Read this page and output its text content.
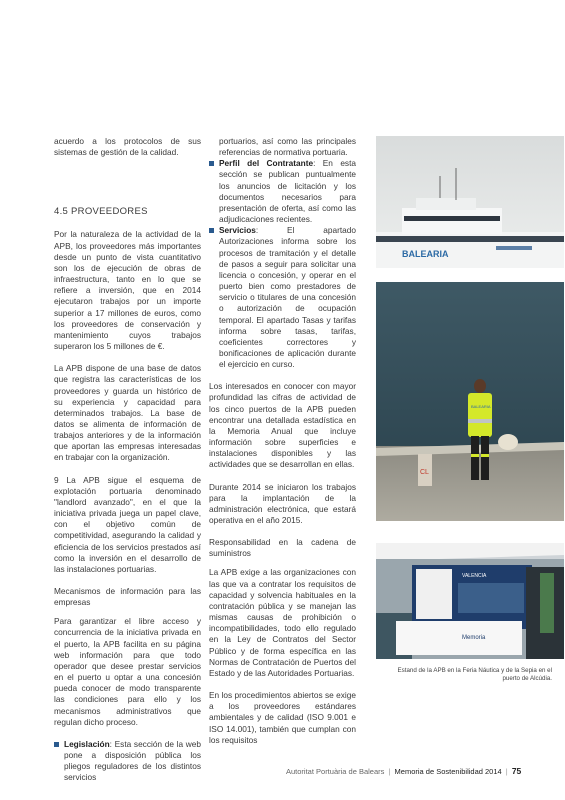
acuerdo a los protocolos de sus sistemas de gestión de la calidad.

4.5 PROVEEDORES

Por la naturaleza de la actividad de la APB, los proveedores más importantes desde un punto de vista cuantitativo son los de ejecución de obras de infraestructura, tanto en lo que se refiere a inversión, que en 2014 ejecutaron trabajos por un importe superior a 17 millones de euros, como los proveedores de conservación y mantenimiento cuyos trabajos superaron los 5 millones de €.

La APB dispone de una base de datos que registra las características de los proveedores y guarda un histórico de su experiencia y capacidad para determinados trabajos. La base de datos se alimenta de información de trabajos anteriores y de la información que aportan las empresas interesadas en trabajar con la organización.

9 La APB sigue el esquema de explotación portuaria denominado "landlord avanzado", en el que la iniciativa privada juega un papel clave, con el objetivo común de competitividad, asegurando la calidad y eficiencia de los servicios prestados así como la inversión en el desarrollo de las instalaciones portuarias.

Mecanismos de información para las empresas

Para garantizar el libre acceso y concurrencia de la iniciativa privada en el puerto, la APB facilita en su página web información para que todo operador que desee prestar servicios en el puerto u optar a una concesión pueda conocer de modo transparente las condiciones para ello y los mecanismos administrativos que regulan dicho proceso.

Legislación: Esta sección de la web pone a disposición pública los pliegos reguladores de los distintos servicios

portuarios, así como las principales referencias de normativa portuaria.

Perfil del Contratante: En esta sección se publican puntualmente los anuncios de licitación y los documentos necesarios para presentación de oferta, así como las adjudicaciones recientes.

Servicios: El apartado Autorizaciones informa sobre los procesos de tramitación y el detalle de pasos a seguir para solicitar una licencia o concesión, y operar en el puerto bien como prestadores de servicio o titulares de una concesión o autorización de ocupación temporal. El apartado Tasas y tarifas informa sobre tasas, tarifas, coeficientes correctores y bonificaciones de aplicación durante el ejercicio en curso.

Los interesados en conocer con mayor profundidad las cifras de actividad de los cinco puertos de la APB pueden encontrar una detallada estadística en la Memoria Anual que incluye información sobre superficies e instalaciones disponibles y las actividades que se desarrollan en ellas.

Durante 2014 se iniciaron los trabajos para la implantación de la administración electrónica, que estará operativa en el año 2015.

Responsabilidad en la cadena de suministros

La APB exige a las organizaciones con las que va a contratar los requisitos de capacidad y solvencia habituales en la contratación pública y se manejan las mismas causas de prohibición o incompatibilidades, todo ello regulado en la Ley de Contratos del Sector Público y de forma específica en las Normas de Contratación de Puertos del Estado y de las Autoridades Portuarias.

En los procedimientos abiertos se exige a los proveedores estándares ambientales y de calidad (ISO 9.001 e ISO 14.001), también que cumplan con los requisitos

BALEARIA
CL
BALEARIA
VALENCIA
Memoria
Estand de la APB en la Feria Náutica y de la Sepia en el puerto de Alcúdia.
Autoritat Portuària de Balears | Memoria de Sostenibilidad 2014 | 75
